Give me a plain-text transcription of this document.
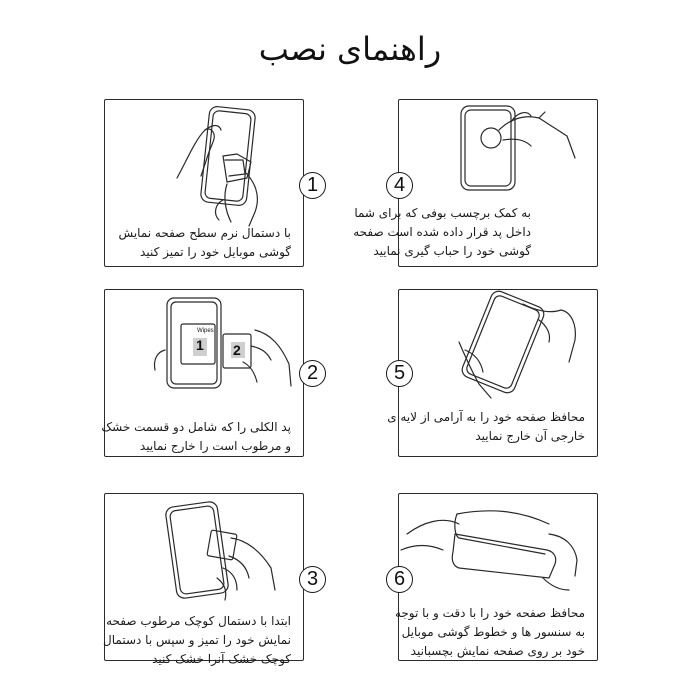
راهنمای نصب
1
با دستمال نرم سطح صفحه نمایش
گوشی موبایل خود را تمیز کنید
Wipes
1 2
2
پد الکلی را که شامل دو قسمت خشک
و مرطوب است را خارج نمایید
3
ابتدا با دستمال کوچک مرطوب صفحه
نمایش خود را تمیز و سپس با دستمال
کوچک خشک آنرا خشک کنید
4
به کمک برچسب بوفی که برای شما
داخل پد قرار داده شده است صفحه
گوشی خود را حباب گیری نمایید
5
محافظ صفحه خود را به آرامی از لایه ی
خارجی آن خارج نمایید
6
محافظ صفحه خود را با دقت و با توجه
به سنسور ها و خطوط گوشی موبایل
خود بر روی صفحه نمایش بچسبانید
